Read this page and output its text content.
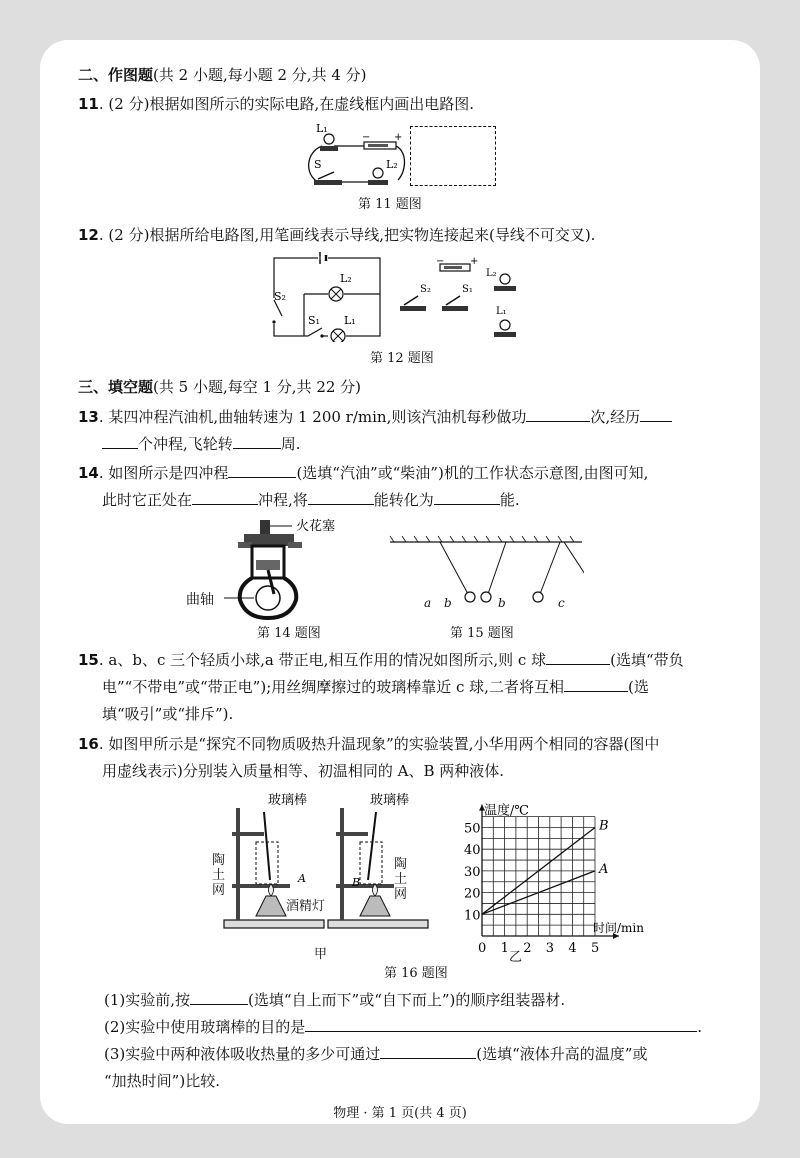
二、作图题(共 2 小题,每小题 2 分,共 4 分)
11. (2 分)根据如图所示的实际电路,在虚线框内画出电路图.
L₁
S	L₂
+
−
第 11 题图
12. (2 分)根据所给电路图,用笔画线表示导线,把实物连接起来(导线不可交叉).
L₂
S₂
S₁ L₁
−	+
S₂	S₁
L₂
L₁
第 12 题图
三、填空题(共 5 小题,每空 1 分,共 22 分)
13. 某四冲程汽油机,曲轴转速为 1 200 r/min,则该汽油机每秒做功	次,经历
个冲程,飞轮转	周.
14. 如图所示是四冲程	(选填“汽油”或“柴油”)机的工作状态示意图,由图可知,
此时它正处在	冲程,将	能转化为	能.
火花塞
曲轴
第 14 题图
a b	b	c
第 15 题图
15. a、b、c 三个轻质小球,a 带正电,相互作用的情况如图所示,则 c 球	(选填“带负
电”“不带电”或“带正电”);用丝绸摩擦过的玻璃棒靠近 c 球,二者将互相	(选
填“吸引”或“排斥”).
16. 如图甲所示是“探究不同物质吸热升温现象”的实验装置,小华用两个相同的容器(图中
用虚线表示)分别装入质量相等、初温相同的 A、B 两种液体.
玻璃棒	玻璃棒
A	B
陶土网
陶土网
酒精灯
甲	0 1 2 3 4 5
10
20
30
40
50
温度/℃
时间/min
B
A
乙
第 16 题图
(1)实验前,按	(选填“自上而下”或“自下而上”)的顺序组装器材.
(2)实验中使用玻璃棒的目的是	.
(3)实验中两种液体吸收热量的多少可通过	(选填“液体升高的温度”或
“加热时间”)比较.
物理 · 第 1 页(共 4 页)
